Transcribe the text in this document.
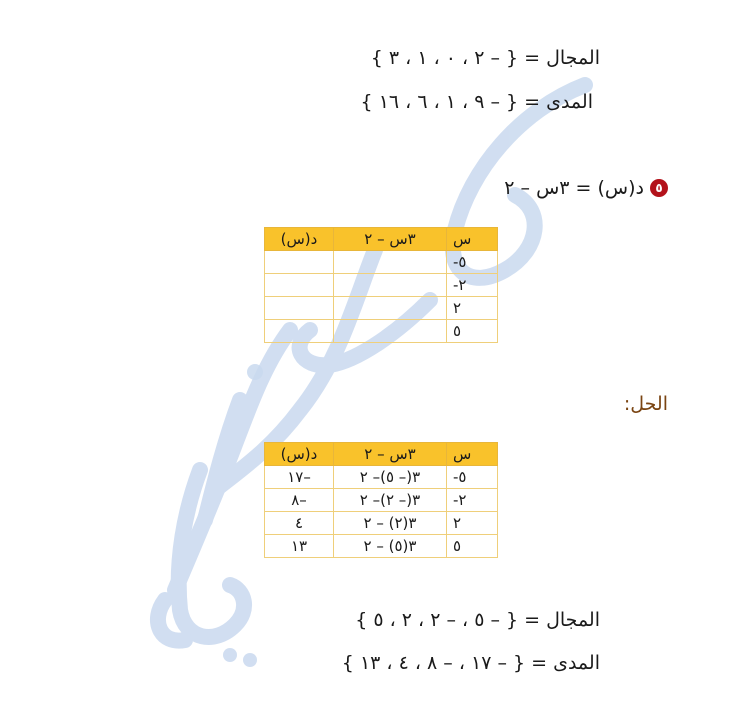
المجال = { – ٢ ، ٠ ، ١ ، ٣ }
المدى = { – ٩ ، ١ ، ٦ ، ١٦ }
٥د(س) = ٣س – ٢
س	٣س – ٢	د(س)
٥-		
٢-		
٢		
٥		
الحل:
س	٣س – ٢	د(س)
٥-	٣(– ٥)– ٢	–١٧
٢-	٣(– ٢)– ٢	–٨
٢	٣(٢) – ٢	٤
٥	٣(٥) – ٢	١٣
المجال = { – ٥ ، – ٢ ، ٢ ، ٥ }
المدى = { – ١٧ ، – ٨ ، ٤ ، ١٣ }
